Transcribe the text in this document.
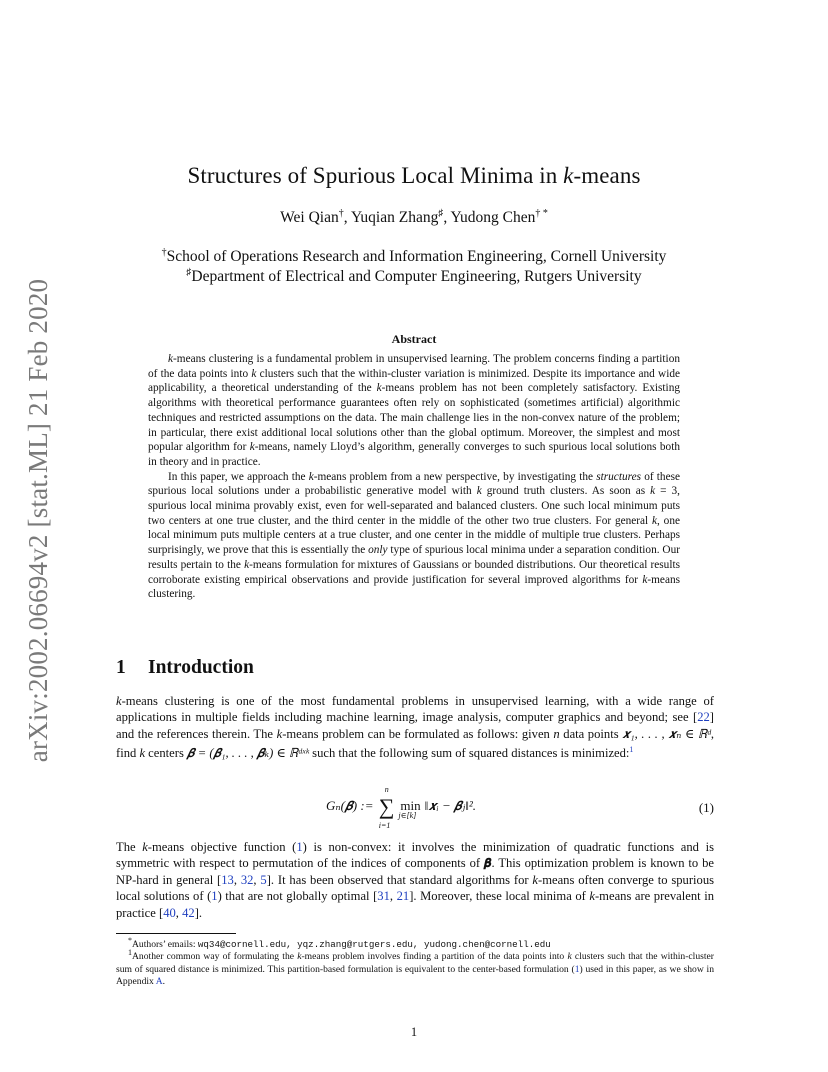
arXiv:2002.06694v2 [stat.ML] 21 Feb 2020
Structures of Spurious Local Minima in k-means
Wei Qian†, Yuqian Zhang♯, Yudong Chen† *
†School of Operations Research and Information Engineering, Cornell University
♯Department of Electrical and Computer Engineering, Rutgers University
Abstract

k-means clustering is a fundamental problem in unsupervised learning. The problem concerns finding a partition of the data points into k clusters such that the within-cluster variation is minimized. Despite its importance and wide applicability, a theoretical understanding of the k-means problem has not been completely satisfactory. Existing algorithms with theoretical performance guarantees often rely on sophisticated (sometimes artificial) algorithmic techniques and restricted assumptions on the data. The main challenge lies in the non-convex nature of the problem; in particular, there exist additional local solutions other than the global optimum. Moreover, the simplest and most popular algorithm for k-means, namely Lloyd’s algorithm, generally converges to such spurious local solutions both in theory and in practice.

In this paper, we approach the k-means problem from a new perspective, by investigating the structures of these spurious local solutions under a probabilistic generative model with k ground truth clusters. As soon as k = 3, spurious local minima provably exist, even for well-separated and balanced clusters. One such local minimum puts two centers at one true cluster, and the third center in the middle of the other two true clusters. For general k, one local minimum puts multiple centers at a true cluster, and one center in the middle of multiple true clusters. Perhaps surprisingly, we prove that this is essentially the only type of spurious local minima under a separation condition. Our results pertain to the k-means formulation for mixtures of Gaussians or bounded distributions. Our theoretical results corroborate existing empirical observations and provide justification for several improved algorithms for k-means clustering.

1 Introduction

k-means clustering is one of the most fundamental problems in unsupervised learning, with a wide range of applications in multiple fields including machine learning, image analysis, computer graphics and beyond; see [22] and the references therein. The k-means problem can be formulated as follows: given n data points 𝒙₁, . . . , 𝒙ₙ ∈ ℝᵈ, find k centers 𝜷 = (𝜷₁, . . . , 𝜷ₖ) ∈ ℝᵈˣᵏ such that the following sum of squared distances is minimized:$^1$

Gₙ(𝜷) := ∑
n
i=1
min
j∈[k]
‖𝒙ᵢ − 𝜷ⱼ‖².	(1)

The k-means objective function (1) is non-convex: it involves the minimization of quadratic functions and is symmetric with respect to permutation of the indices of components of 𝜷. This optimization problem is known to be NP-hard in general [13, 32, 5]. It has been observed that standard algorithms for k-means often converge to spurious local solutions of (1) that are not globally optimal [31, 21]. Moreover, these local minima of k-means are prevalent in practice [40, 42].

*Authors’ emails: wq34@cornell.edu, yqz.zhang@rutgers.edu, yudong.chen@cornell.edu
$^1$Another common way of formulating the k-means problem involves finding a partition of the data points into k clusters such that the within-cluster sum of squared distance is minimized. This partition-based formulation is equivalent to the center-based formulation (1) used in this paper, as we show in Appendix A.
1
